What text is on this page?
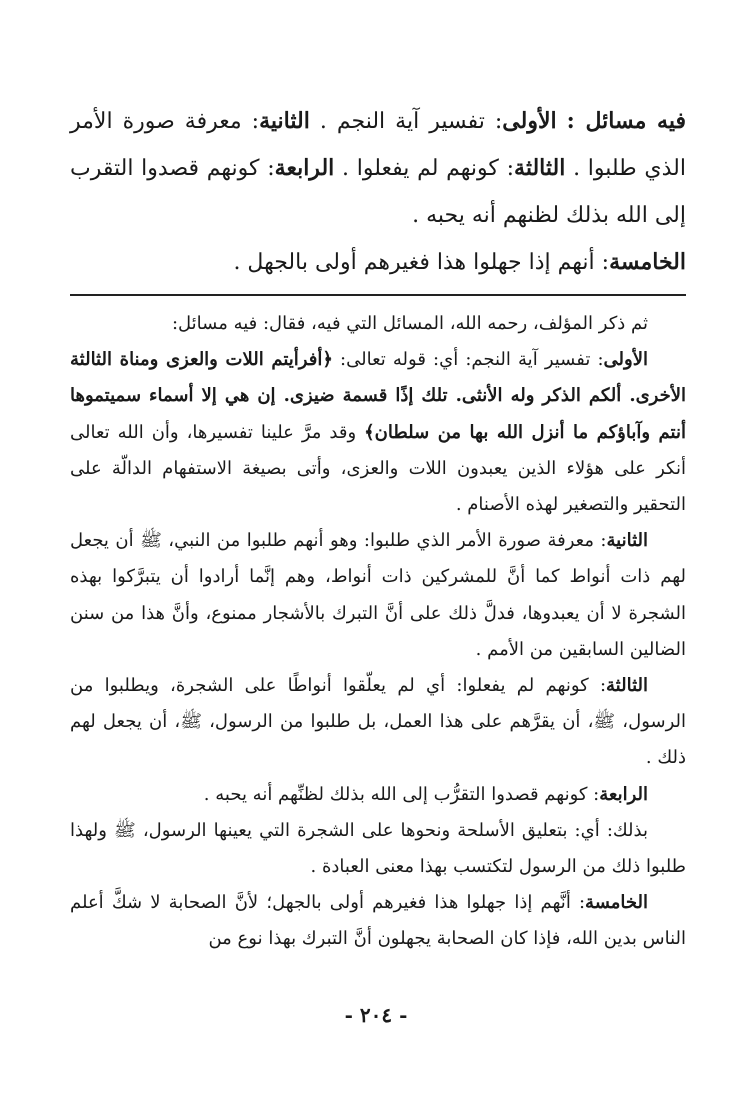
فيه مسائل : الأولى: تفسير آية النجم . الثانية: معرفة صورة الأمر الذي طلبوا . الثالثة: كونهم لم يفعلوا . الرابعة: كونهم قصدوا التقرب إلى الله بذلك لظنهم أنه يحبه .

الخامسة: أنهم إذا جهلوا هذا فغيرهم أولى بالجهل .

ثم ذكر المؤلف، رحمه الله، المسائل التي فيه، فقال: فيه مسائل:

الأولى: تفسير آية النجم: أي: قوله تعالى: ﴿أفرأيتم اللات والعزى ومناة الثالثة الأخرى. ألكم الذكر وله الأنثى. تلك إذًا قسمة ضيزى. إن هي إلا أسماء سميتموها أنتم وآباؤكم ما أنزل الله بها من سلطان﴾ وقد مرَّ علينا تفسيرها، وأن الله تعالى أنكر على هؤلاء الذين يعبدون اللات والعزى، وأتى بصيغة الاستفهام الدالّة على التحقير والتصغير لهذه الأصنام .

الثانية: معرفة صورة الأمر الذي طلبوا: وهو أنهم طلبوا من النبي، ﷺ أن يجعل لهم ذات أنواط كما أنَّ للمشركين ذات أنواط، وهم إنَّما أرادوا أن يتبرَّكوا بهذه الشجرة لا أن يعبدوها، فدلَّ ذلك على أنَّ التبرك بالأشجار ممنوع، وأنَّ هذا من سنن الضالين السابقين من الأمم .

الثالثة: كونهم لم يفعلوا: أي لم يعلّقوا أنواطًا على الشجرة، ويطلبوا من الرسول، ﷺ، أن يقرَّهم على هذا العمل، بل طلبوا من الرسول، ﷺ، أن يجعل لهم ذلك .

الرابعة: كونهم قصدوا التقرُّب إلى الله بذلك لظنِّهم أنه يحبه .

بذلك: أي: بتعليق الأسلحة ونحوها على الشجرة التي يعينها الرسول، ﷺ ولهذا طلبوا ذلك من الرسول لتكتسب بهذا معنى العبادة .

الخامسة: أنَّهم إذا جهلوا هذا فغيرهم أولى بالجهل؛ لأنَّ الصحابة لا شكَّ أعلم الناس بدين الله، فإذا كان الصحابة يجهلون أنَّ التبرك بهذا نوع من

- ٢٠٤ -
